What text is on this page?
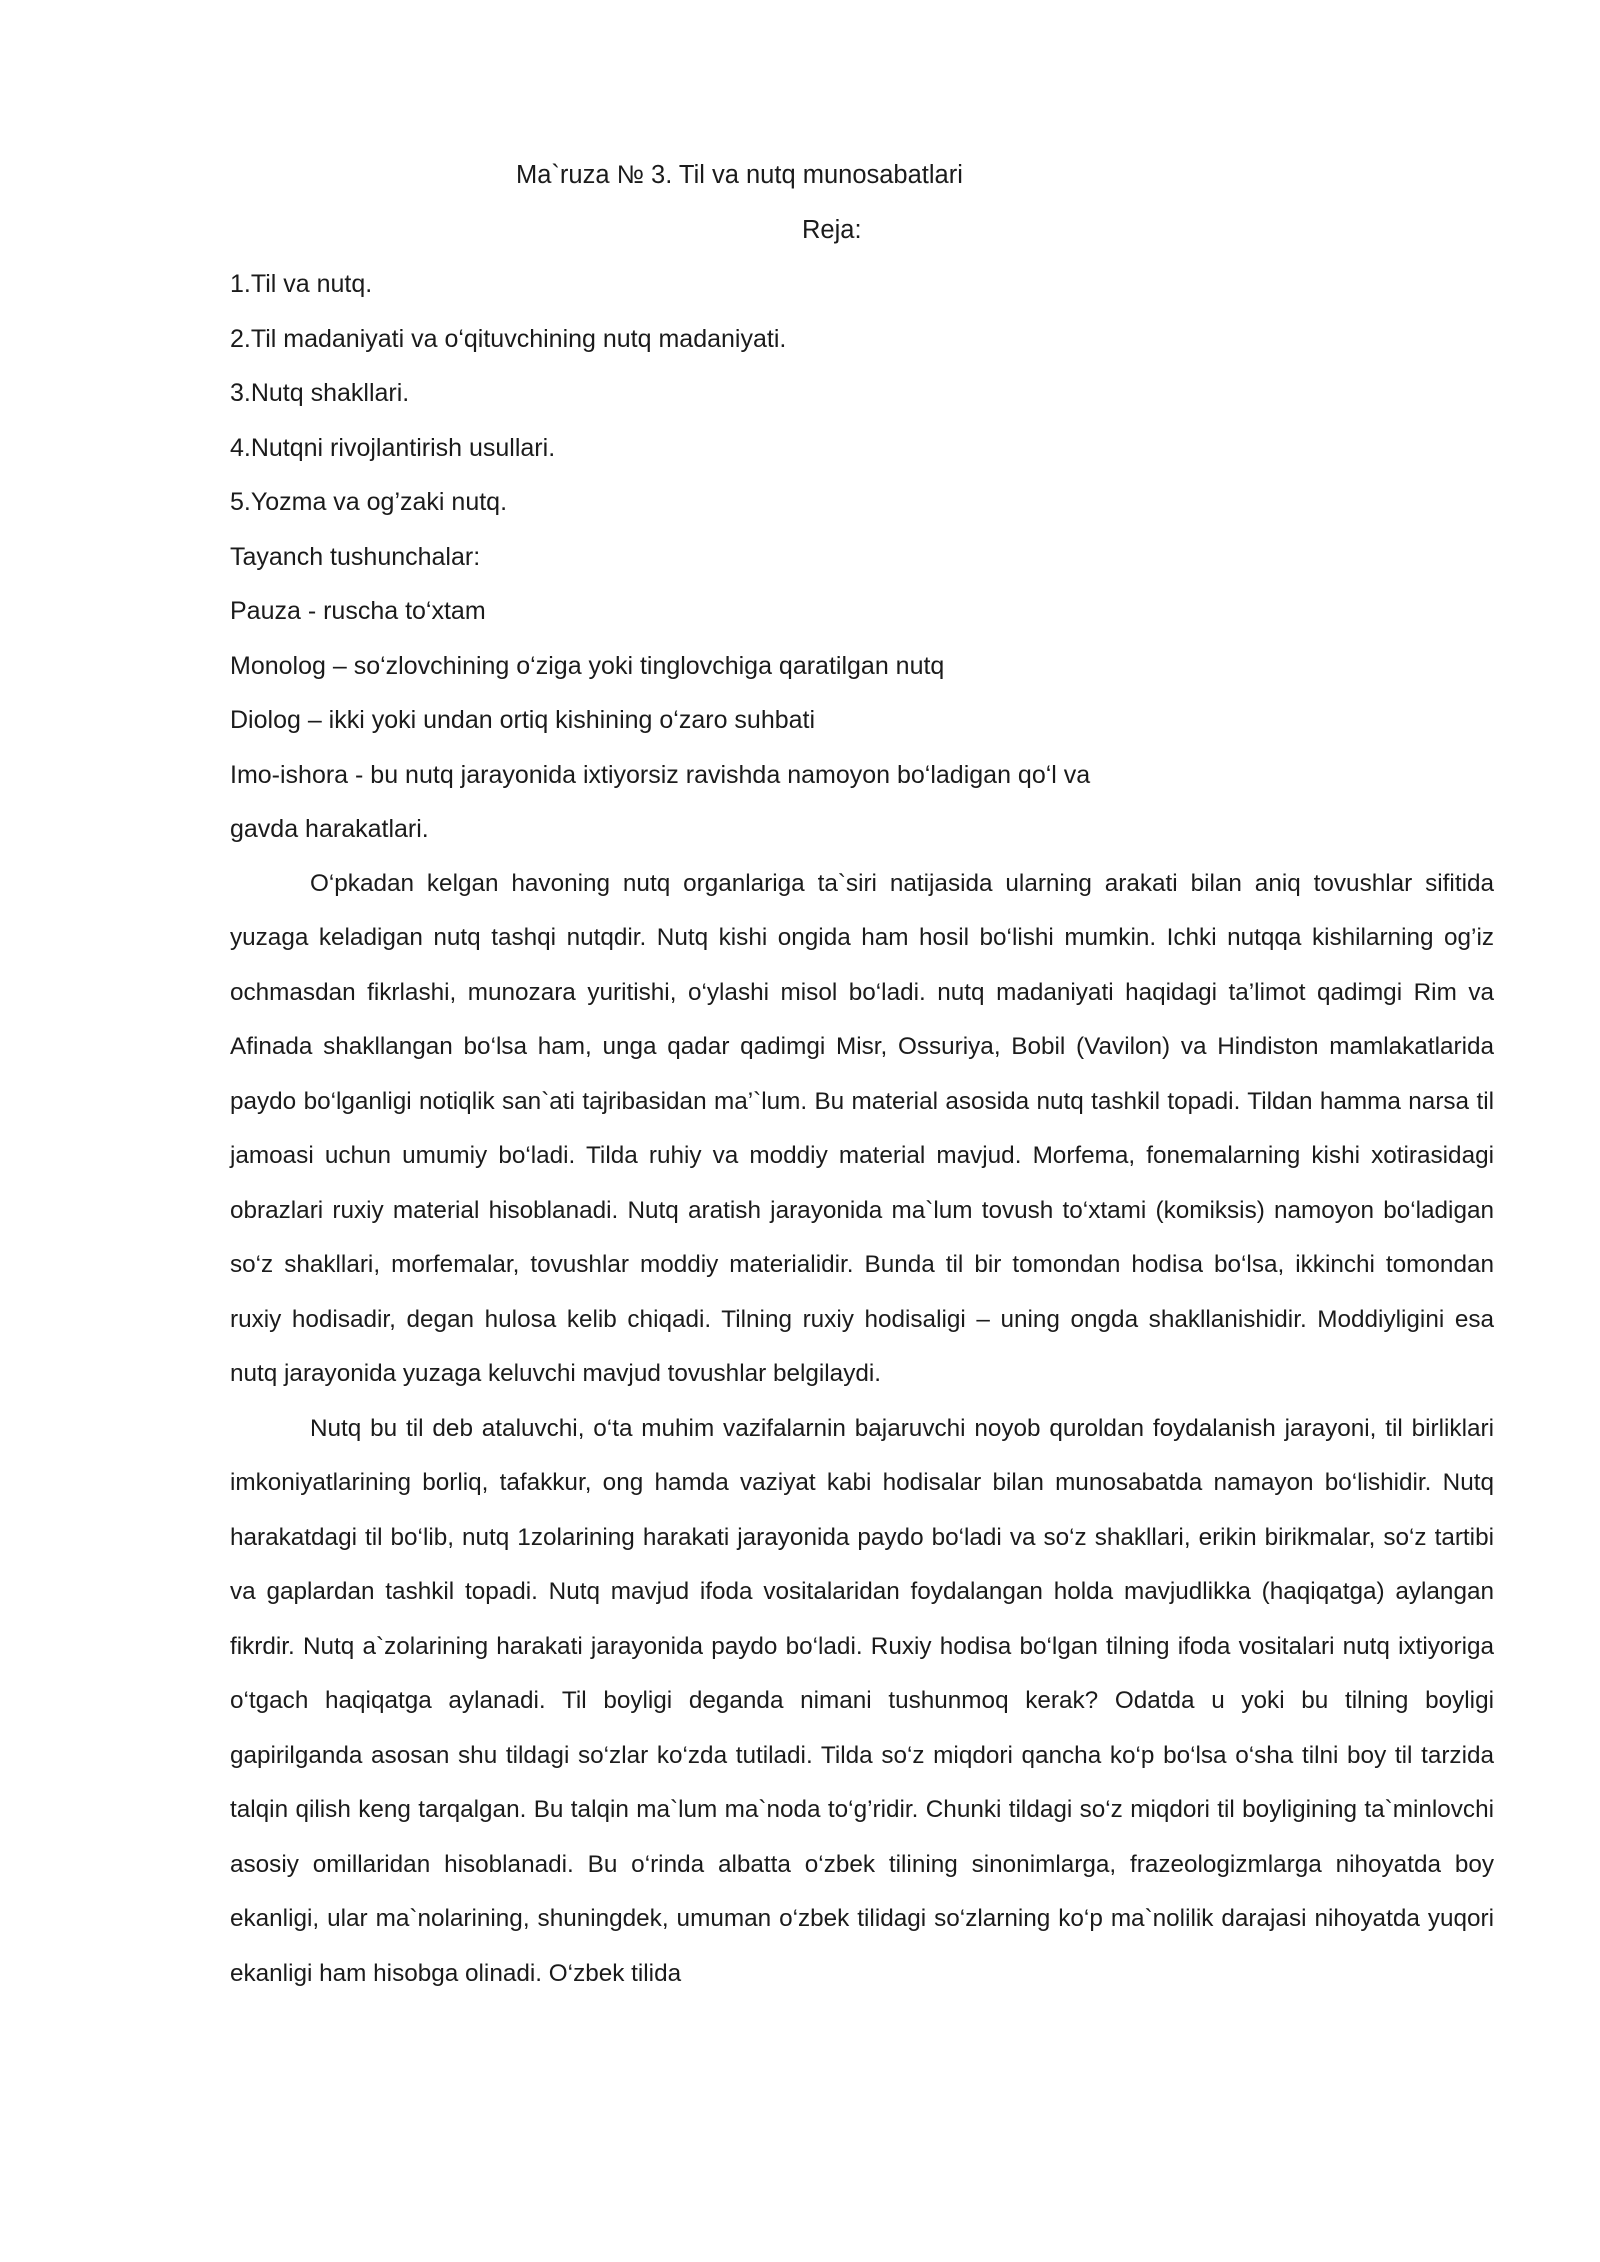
Ma`ruza № 3. Til va nutq munosabatlari

Reja:

1.Til va nutq.

2.Til madaniyati va o‘qituvchining nutq madaniyati.

3.Nutq shakllari.

4.Nutqni rivojlantirish usullari.

5.Yozma va og’zaki nutq.

Tayanch tushunchalar:

Pauza - ruscha to‘xtam

Monolog – so‘zlovchining o‘ziga yoki tinglovchiga qaratilgan nutq

Diolog – ikki yoki undan ortiq kishining o‘zaro suhbati

Imo-ishora - bu nutq jarayonida ixtiyorsiz ravishda namoyon bo‘ladigan qo‘l va

gavda harakatlari.

O‘pkadan kelgan havoning nutq organlariga ta`siri natijasida ularning arakati bilan aniq tovushlar sifitida yuzaga keladigan nutq tashqi nutqdir. Nutq kishi ongida ham hosil bo‘lishi mumkin. Ichki nutqqa kishilarning og’iz ochmasdan fikrlashi, munozara yuritishi, o‘ylashi misol bo‘ladi. nutq madaniyati haqidagi ta’limot qadimgi Rim va Afinada shakllangan bo‘lsa ham, unga qadar qadimgi Misr, Ossuriya, Bobil (Vavilon) va Hindiston mamlakatlarida paydo bo‘lganligi notiqlik san`ati tajribasidan ma’`lum. Bu material asosida nutq tashkil topadi. Tildan hamma narsa til jamoasi uchun umumiy bo‘ladi. Tilda ruhiy va moddiy material mavjud. Morfema, fonemalarning kishi xotirasidagi obrazlari ruxiy material hisoblanadi. Nutq aratish jarayonida ma`lum tovush to‘xtami (komiksis) namoyon bo‘ladigan so‘z shakllari, morfemalar, tovushlar moddiy materialidir. Bunda til bir tomondan hodisa bo‘lsa, ikkinchi tomondan ruxiy hodisadir, degan hulosa kelib chiqadi. Tilning ruxiy hodisaligi – uning ongda shakllanishidir. Moddiyligini esa nutq jarayonida yuzaga keluvchi mavjud tovushlar belgilaydi.

Nutq bu til deb ataluvchi, o‘ta muhim vazifalarnin bajaruvchi noyob quroldan foydalanish jarayoni, til birliklari imkoniyatlarining borliq, tafakkur, ong hamda vaziyat kabi hodisalar bilan munosabatda namayon bo‘lishidir. Nutq harakatdagi til bo‘lib, nutq 1zolarining harakati jarayonida paydo bo‘ladi va so‘z shakllari, erikin birikmalar, so‘z tartibi va gaplardan tashkil topadi. Nutq mavjud ifoda vositalaridan foydalangan holda mavjudlikka (haqiqatga) aylangan fikrdir. Nutq a`zolarining harakati jarayonida paydo bo‘ladi. Ruxiy hodisa bo‘lgan tilning ifoda vositalari nutq ixtiyoriga o‘tgach haqiqatga aylanadi. Til boyligi deganda nimani tushunmoq kerak? Odatda u yoki bu tilning boyligi gapirilganda asosan shu tildagi so‘zlar ko‘zda tutiladi. Tilda so‘z miqdori qancha ko‘p bo‘lsa o‘sha tilni boy til tarzida talqin qilish keng tarqalgan. Bu talqin ma`lum ma`noda to‘g’ridir. Chunki tildagi so‘z miqdori til boyligining ta`minlovchi asosiy omillaridan hisoblanadi. Bu o‘rinda albatta o‘zbek tilining sinonimlarga, frazeologizmlarga nihoyatda boy ekanligi, ular ma`nolarining, shuningdek, umuman o‘zbek tilidagi so‘zlarning ko‘p ma`nolilik darajasi nihoyatda yuqori ekanligi ham hisobga olinadi. O‘zbek tilida
